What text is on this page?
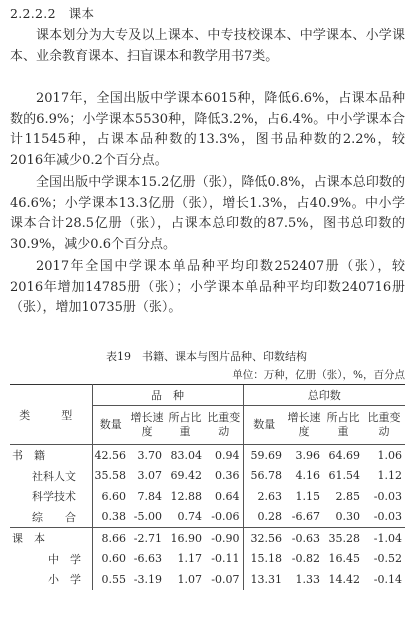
2.2.2.2 课本

课本划分为大专及以上课本、中专技校课本、中学课本、小学课本、业余教育课本、扫盲课本和教学用书7类。

2017年，全国出版中学课本6015种，降低6.6%，占课本品种数的6.9%；小学课本5530种，降低3.2%，占6.4%。中小学课本合计11545种，占课本品种数的13.3%，图书品种数的2.2%，较2016年减少0.2个百分点。

全国出版中学课本15.2亿册（张），降低0.8%，占课本总印数的46.6%；小学课本13.3亿册（张），增长1.3%，占40.9%。中小学课本合计28.5亿册（张），占课本总印数的87.5%，图书总印数的30.9%，减少0.6个百分点。

2017年全国中学课本单品种平均印数252407册（张），较2016年增加14785册（张）；小学课本单品种平均印数240716册（张），增加10735册（张）。

表19　书籍、课本与图片品种、印数结构
单位：万种，亿册（张），%，百分点
类　型	品　种				总印数			
	数量	增长速度	所占比重	比重变动	数量	增长速度	所占比重	比重变动
书　籍	42.56	3.70	83.04	0.94	59.69	3.96	64.69	1.06
社科人文	35.58	3.07	69.42	0.36	56.78	4.16	61.54	1.12
科学技术	6.60	7.84	12.88	0.64	2.63	1.15	2.85	-0.03
综　　合	0.38	-5.00	0.74	-0.06	0.28	-6.67	0.30	-0.03
课　本	8.66	-2.71	16.90	-0.90	32.56	-0.63	35.28	-1.04
中　学	0.60	-6.63	1.17	-0.11	15.18	-0.82	16.45	-0.52
小　学	0.55	-3.19	1.07	-0.07	13.31	1.33	14.42	-0.14
